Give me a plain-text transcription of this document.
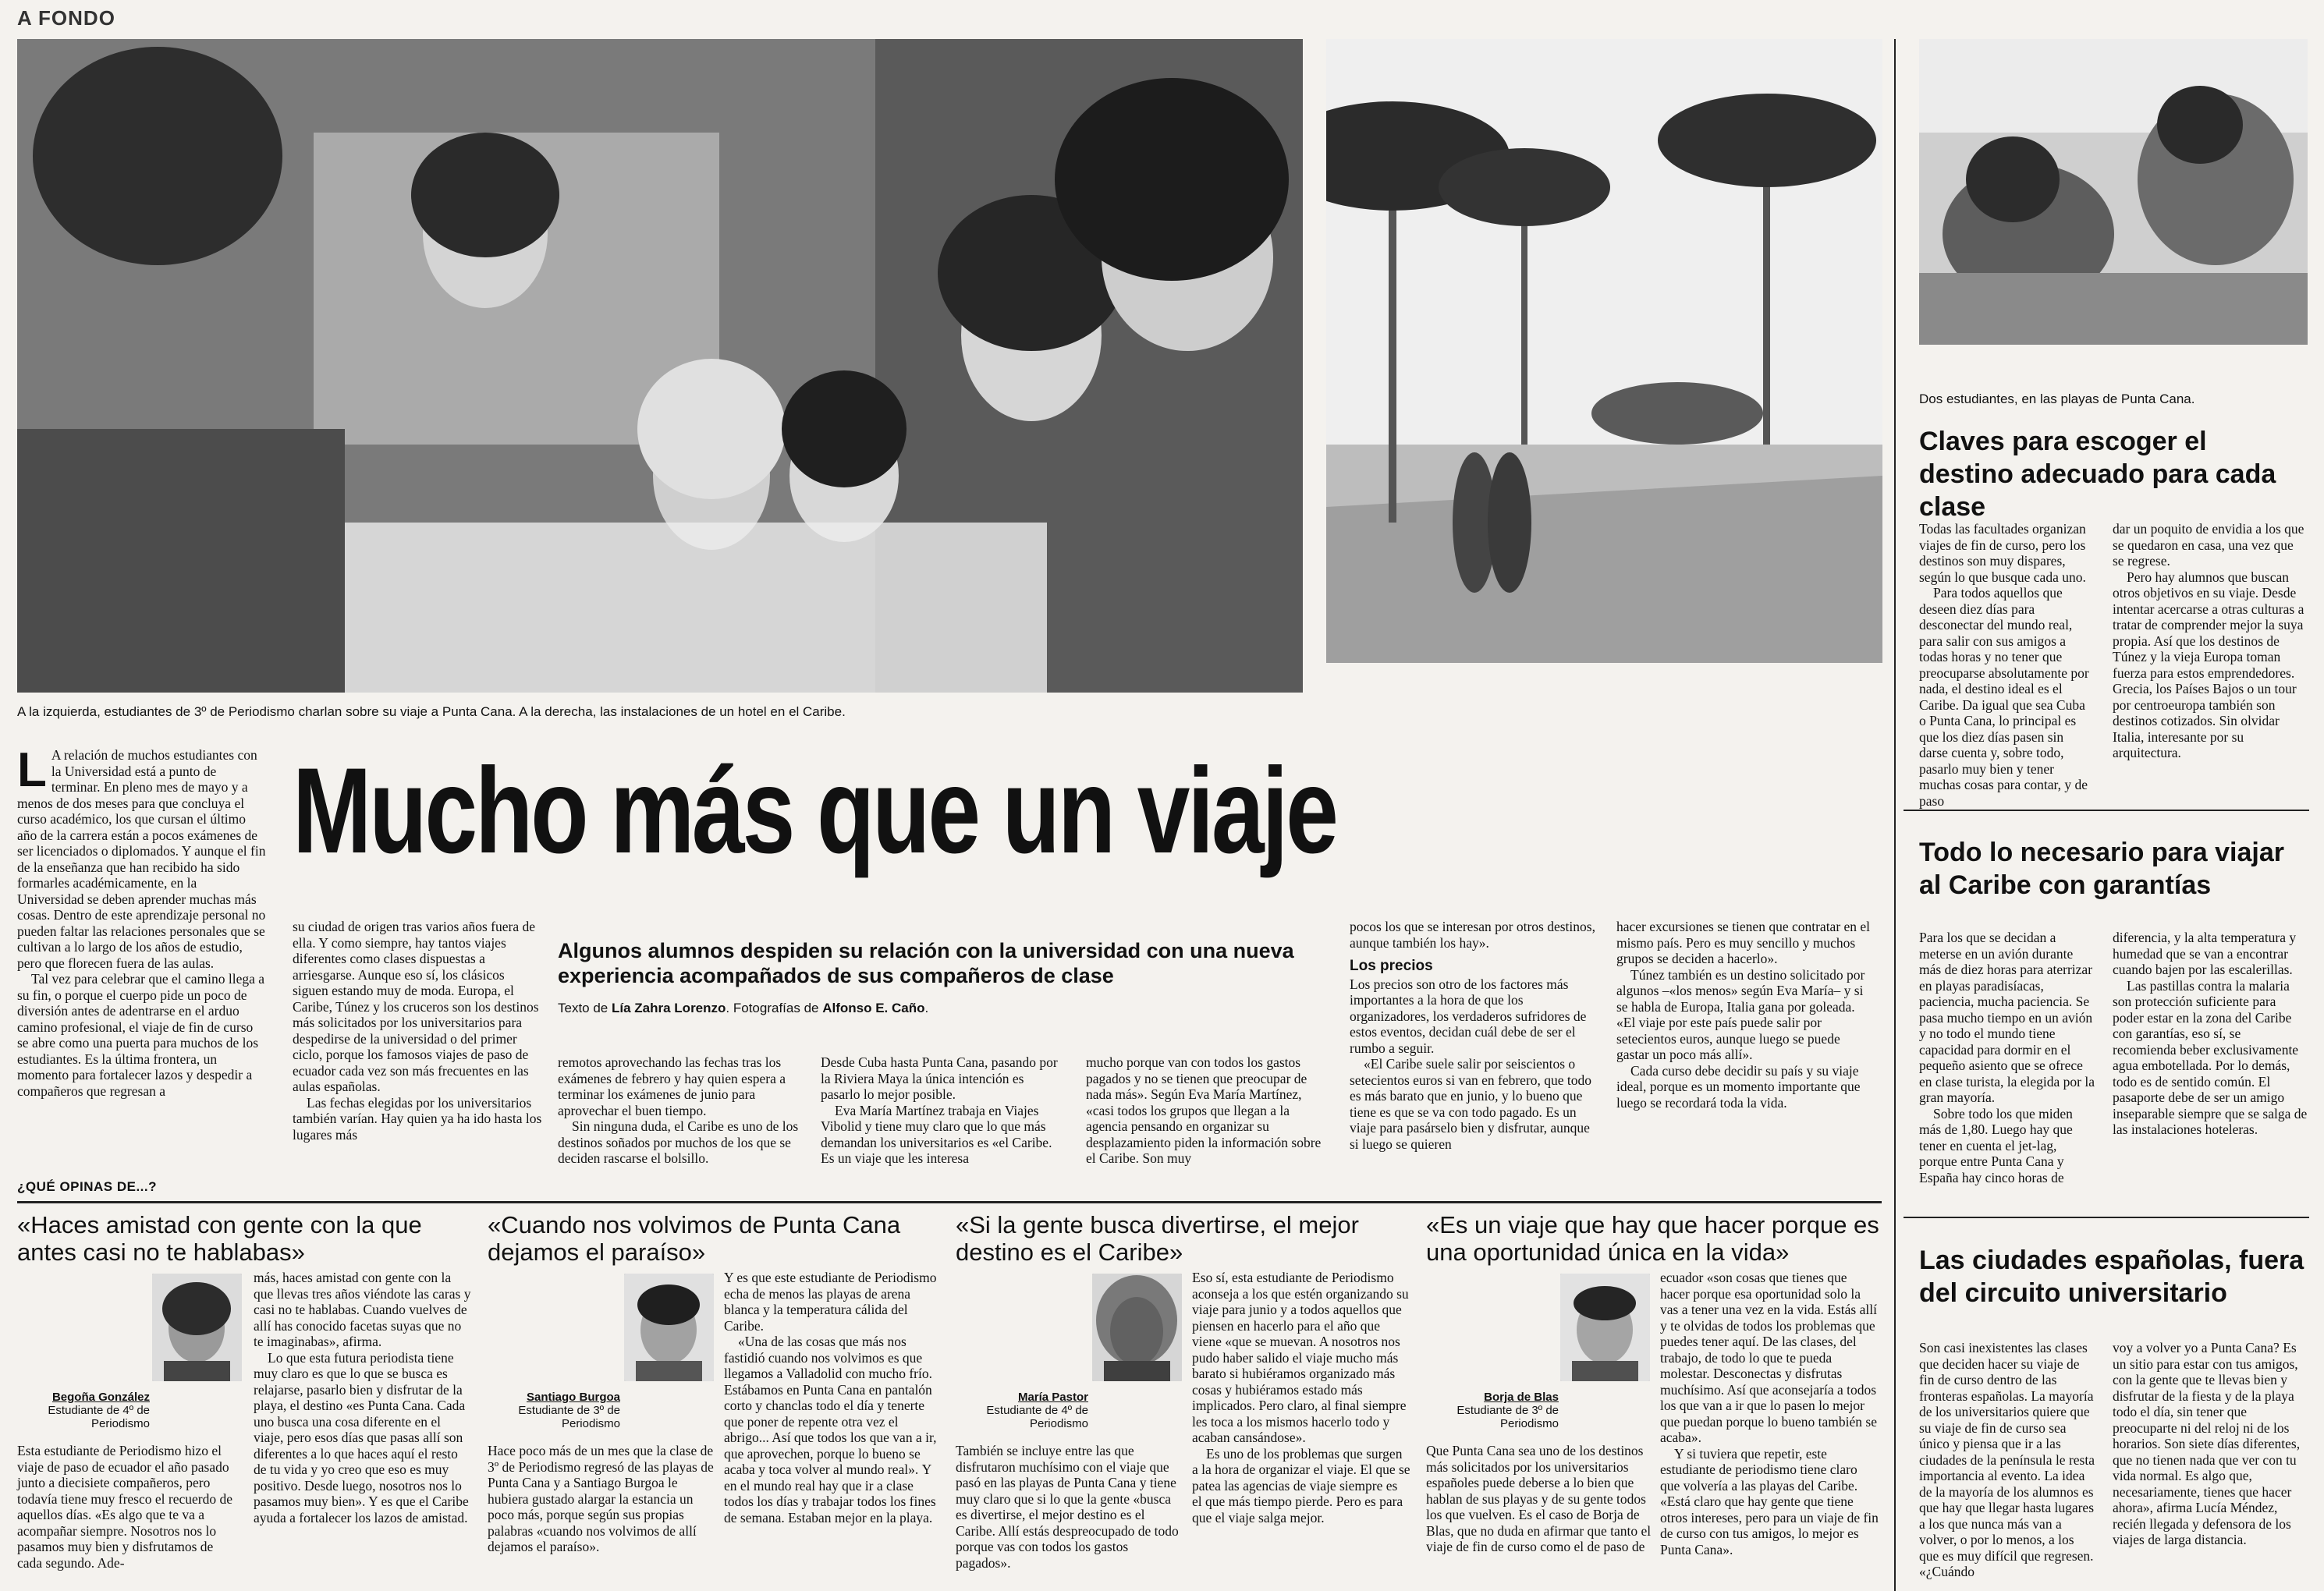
A FONDO
A la izquierda, estudiantes de 3º de Periodismo charlan sobre su viaje a Punta Cana. A la derecha, las instalaciones de un hotel en el Caribe.
Dos estudiantes, en las playas de Punta Cana.
Claves para escoger el destino adecuado para cada clase

Todas las facultades organizan viajes de fin de curso, pero los destinos son muy dispares, según lo que busque cada uno.

Para todos aquellos que deseen diez días para desconectar del mundo real, para salir con sus amigos a todas horas y no tener que preocuparse absolutamente por nada, el destino ideal es el Caribe. Da igual que sea Cuba o Punta Cana, lo principal es que los diez días pasen sin darse cuenta y, sobre todo, pasarlo muy bien y tener muchas cosas para contar, y de paso

dar un poquito de envidia a los que se quedaron en casa, una vez que se regrese.

Pero hay alumnos que buscan otros objetivos en su viaje. Desde intentar acercarse a otras culturas a tratar de comprender mejor la suya propia. Así que los destinos de Túnez y la vieja Europa toman fuerza para estos emprendedores. Grecia, los Países Bajos o un tour por centroeuropa también son destinos cotizados. Sin olvidar Italia, interesante por su arquitectura.

Todo lo necesario para viajar al Caribe con garantías

Para los que se decidan a meterse en un avión durante más de diez horas para aterrizar en playas paradisíacas, paciencia, mucha paciencia. Se pasa mucho tiempo en un avión y no todo el mundo tiene capacidad para dormir en el pequeño asiento que se ofrece en clase turista, la elegida por la gran mayoría.

Sobre todo los que miden más de 1,80. Luego hay que tener en cuenta el jet-lag, porque entre Punta Cana y España hay cinco horas de

diferencia, y la alta temperatura y humedad que se van a encontrar cuando bajen por las escalerillas.

Las pastillas contra la malaria son protección suficiente para poder estar en la zona del Caribe con garantías, eso sí, se recomienda beber exclusivamente agua embotellada. Por lo demás, todo es de sentido común. El pasaporte debe de ser un amigo inseparable siempre que se salga de las instalaciones hoteleras.

Las ciudades españolas, fuera del circuito universitario

Son casi inexistentes las clases que deciden hacer su viaje de fin de curso dentro de las fronteras españolas. La mayoría de los universitarios quiere que su viaje de fin de curso sea único y piensa que ir a las ciudades de la península le resta importancia al evento. La idea de la mayoría de los alumnos es que hay que llegar hasta lugares a los que nunca más van a volver, o por lo menos, a los que es muy difícil que regresen. «¿Cuándo

voy a volver yo a Punta Cana? Es un sitio para estar con tus amigos, con la gente que te llevas bien y disfrutar de la fiesta y de la playa todo el día, sin tener que preocuparte ni del reloj ni de los horarios. Son siete días diferentes, que no tienen nada que ver con tu vida normal. Es algo que, necesariamente, tienes que hacer ahora», afirma Lucía Méndez, recién llegada y defensora de los viajes de larga distancia.

L A relación de muchos estudiantes con la Universidad está a punto de terminar. En pleno mes de mayo y a menos de dos meses para que concluya el curso académico, los que cursan el último año de la carrera están a pocos exámenes de ser licenciados o diplomados. Y aunque el fin de la enseñanza que han recibido ha sido formarles académicamente, en la Universidad se deben aprender muchas más cosas. Dentro de este aprendizaje personal no pueden faltar las relaciones personales que se cultivan a lo largo de los años de estudio, pero que florecen fuera de las aulas.

Tal vez para celebrar que el camino llega a su fin, o porque el cuerpo pide un poco de diversión antes de adentrarse en el arduo camino profesional, el viaje de fin de curso se abre como una puerta para muchos de los estudiantes. Es la última frontera, un momento para fortalecer lazos y despedir a compañeros que regresan a

Mucho más que un viaje

su ciudad de origen tras varios años fuera de ella. Y como siempre, hay tantos viajes diferentes como clases dispuestas a arriesgarse. Aunque eso sí, los clásicos siguen estando muy de moda. Europa, el Caribe, Túnez y los cruceros son los destinos más solicitados por los universitarios para despedirse de la universidad o del primer ciclo, porque los famosos viajes de paso de ecuador cada vez son más frecuentes en las aulas españolas.

Las fechas elegidas por los universitarios también varían. Hay quien ya ha ido hasta los lugares más

Algunos alumnos despiden su relación con la universidad con una nueva experiencia acompañados de sus compañeros de clase
Texto de Lía Zahra Lorenzo. Fotografías de Alfonso E. Caño.

remotos aprovechando las fechas tras los exámenes de febrero y hay quien espera a terminar los exámenes de junio para aprovechar el buen tiempo.

Sin ninguna duda, el Caribe es uno de los destinos soñados por muchos de los que se deciden rascarse el bolsillo.

Desde Cuba hasta Punta Cana, pasando por la Riviera Maya la única intención es pasarlo lo mejor posible.

Eva María Martínez trabaja en Viajes Vibolid y tiene muy claro que lo que más demandan los universitarios es «el Caribe. Es un viaje que les interesa

mucho porque van con todos los gastos pagados y no se tienen que preocupar de nada más». Según Eva María Martínez, «casi todos los grupos que llegan a la agencia pensando en organizar su desplazamiento piden la información sobre el Caribe. Son muy

pocos los que se interesan por otros destinos, aunque también los hay».

Los precios

Los precios son otro de los factores más importantes a la hora de que los organizadores, los verdaderos sufridores de estos eventos, decidan cuál debe de ser el rumbo a seguir.

«El Caribe suele salir por seiscientos o setecientos euros si van en febrero, que todo es más barato que en junio, y lo bueno que tiene es que se va con todo pagado. Es un viaje para pasárselo bien y disfrutar, aunque si luego se quieren

hacer excursiones se tienen que contratar en el mismo país. Pero es muy sencillo y muchos grupos se deciden a hacerlo».

Túnez también es un destino solicitado por algunos –«los menos» según Eva María– y si se habla de Europa, Italia gana por goleada. «El viaje por este país puede salir por setecientos euros, aunque luego se puede gastar un poco más allí».

Cada curso debe decidir su país y su viaje ideal, porque es un momento importante que luego se recordará toda la vida.

¿QUÉ OPINAS DE...?
«Haces amistad con gente con la que antes casi no te hablabas»
Begoña González
Estudiante de 4º de Periodismo

más, haces amistad con gente con la que llevas tres años viéndote las caras y casi no te hablabas. Cuando vuelves de allí has conocido facetas suyas que no te imaginabas», afirma.

Lo que esta futura periodista tiene muy claro es que lo que se busca es relajarse, pasarlo bien y disfrutar de la playa, el destino «es Punta Cana. Cada uno busca una cosa diferente en el viaje, pero esos días que pasas allí son diferentes a lo que haces aquí el resto de tu vida y yo creo que eso es muy positivo. Desde luego, nosotros nos lo pasamos muy bien». Y es que el Caribe ayuda a fortalecer los lazos de amistad.

Esta estudiante de Periodismo hizo el viaje de paso de ecuador el año pasado junto a diecisiete compañeros, pero todavía tiene muy fresco el recuerdo de aquellos días. «Es algo que te va a acompañar siempre. Nosotros nos lo pasamos muy bien y disfrutamos de cada segundo. Ade-

«Cuando nos volvimos de Punta Cana dejamos el paraíso»
Santiago Burgoa
Estudiante de 3º de Periodismo

Y es que este estudiante de Periodismo echa de menos las playas de arena blanca y la temperatura cálida del Caribe.

«Una de las cosas que más nos fastidió cuando nos volvimos es que llegamos a Valladolid con mucho frío. Estábamos en Punta Cana en pantalón corto y chanclas todo el día y tenerte que poner de repente otra vez el abrigo... Así que todos los que van a ir, que aprovechen, porque lo bueno se acaba y toca volver al mundo real». Y en el mundo real hay que ir a clase todos los días y trabajar todos los fines de semana. Estaban mejor en la playa.

Hace poco más de un mes que la clase de 3º de Periodismo regresó de las playas de Punta Cana y a Santiago Burgoa le hubiera gustado alargar la estancia un poco más, porque según sus propias palabras «cuando nos volvimos de allí dejamos el paraíso».

«Si la gente busca divertirse, el mejor destino es el Caribe»
María Pastor
Estudiante de 4º de Periodismo

Eso sí, esta estudiante de Periodismo aconseja a los que estén organizando su viaje para junio y a todos aquellos que piensen en hacerlo para el año que viene «que se muevan. A nosotros nos pudo haber salido el viaje mucho más barato si hubiéramos organizado más cosas y hubiéramos estado más implicados. Pero claro, al final siempre les toca a los mismos hacerlo todo y acaban cansándose».

Es uno de los problemas que surgen a la hora de organizar el viaje. El que se patea las agencias de viaje siempre es el que más tiempo pierde. Pero es para que el viaje salga mejor.

También se incluye entre las que disfrutaron muchísimo con el viaje que pasó en las playas de Punta Cana y tiene muy claro que si lo que la gente «busca es divertirse, el mejor destino es el Caribe. Allí estás despreocupado de todo porque vas con todos los gastos pagados».

«Es un viaje que hay que hacer porque es una oportunidad única en la vida»
Borja de Blas
Estudiante de 3º de Periodismo

ecuador «son cosas que tienes que hacer porque esa oportunidad solo la vas a tener una vez en la vida. Estás allí y te olvidas de todos los problemas que puedes tener aquí. De las clases, del trabajo, de todo lo que te pueda molestar. Desconectas y disfrutas muchísimo. Así que aconsejaría a todos los que van a ir que lo pasen lo mejor que puedan porque lo bueno también se acaba».

Y si tuviera que repetir, este estudiante de periodismo tiene claro que volvería a las playas del Caribe. «Está claro que hay gente que tiene otros intereses, pero para un viaje de fin de curso con tus amigos, lo mejor es Punta Cana».

Que Punta Cana sea uno de los destinos más solicitados por los universitarios españoles puede deberse a lo bien que hablan de sus playas y de su gente todos los que vuelven. Es el caso de Borja de Blas, que no duda en afirmar que tanto el viaje de fin de curso como el de paso de
